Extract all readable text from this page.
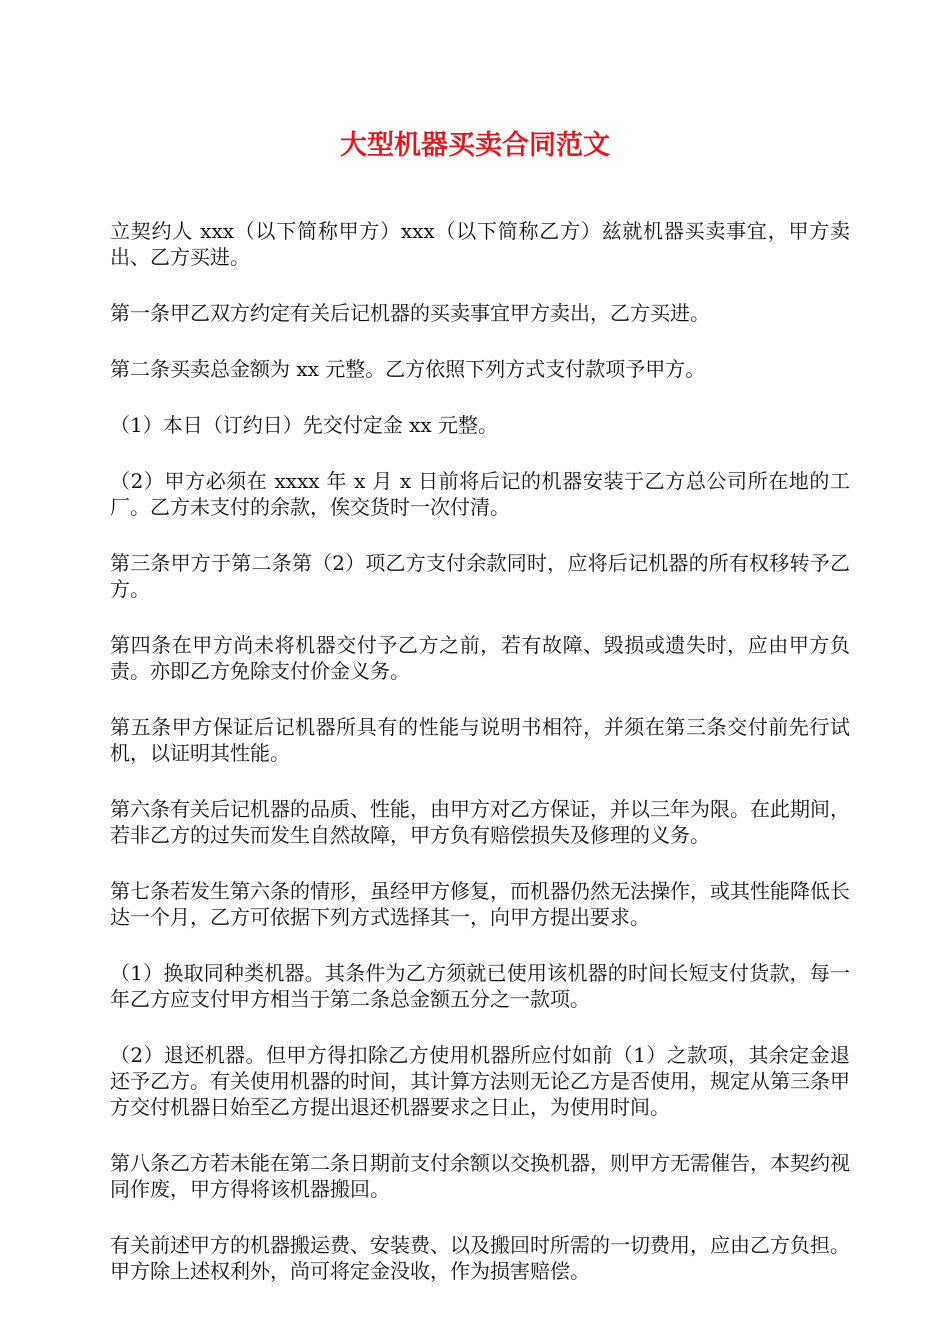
大型机器买卖合同范文

立契约人 xxx（以下简称甲方）xxx（以下简称乙方）兹就机器买卖事宜，甲方卖出、乙方买进。

第一条甲乙双方约定有关后记机器的买卖事宜甲方卖出，乙方买进。

第二条买卖总金额为 xx 元整。乙方依照下列方式支付款项予甲方。

（1）本日（订约日）先交付定金 xx 元整。

（2）甲方必须在 xxxx 年 x 月 x 日前将后记的机器安装于乙方总公司所在地的工厂。乙方未支付的余款，俟交货时一次付清。

第三条甲方于第二条第（2）项乙方支付余款同时，应将后记机器的所有权移转予乙方。

第四条在甲方尚未将机器交付予乙方之前，若有故障、毁损或遗失时，应由甲方负责。亦即乙方免除支付价金义务。

第五条甲方保证后记机器所具有的性能与说明书相符，并须在第三条交付前先行试机，以证明其性能。

第六条有关后记机器的品质、性能，由甲方对乙方保证，并以三年为限。在此期间，若非乙方的过失而发生自然故障，甲方负有赔偿损失及修理的义务。

第七条若发生第六条的情形，虽经甲方修复，而机器仍然无法操作，或其性能降低长达一个月，乙方可依据下列方式选择其一，向甲方提出要求。

（1）换取同种类机器。其条件为乙方须就已使用该机器的时间长短支付货款，每一年乙方应支付甲方相当于第二条总金额五分之一款项。

（2）退还机器。但甲方得扣除乙方使用机器所应付如前（1）之款项，其余定金退还予乙方。有关使用机器的时间，其计算方法则无论乙方是否使用，规定从第三条甲方交付机器日始至乙方提出退还机器要求之日止，为使用时间。

第八条乙方若未能在第二条日期前支付余额以交换机器，则甲方无需催告，本契约视同作废，甲方得将该机器搬回。

有关前述甲方的机器搬运费、安装费、以及搬回时所需的一切费用，应由乙方负担。甲方除上述权利外，尚可将定金没收，作为损害赔偿。
